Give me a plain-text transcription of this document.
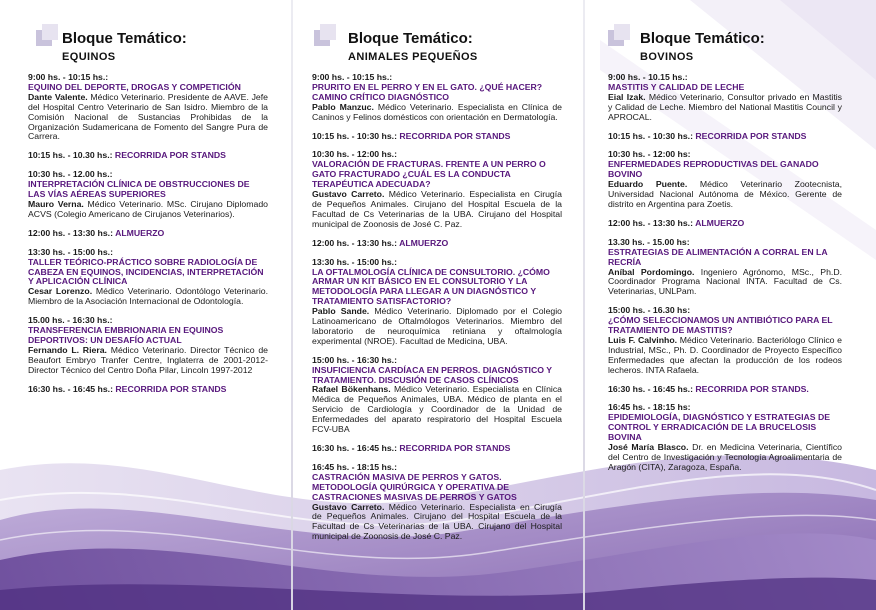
Bloque Temático:
EQUINOS
9:00 hs. - 10:15 hs.:
EQUINO DEL DEPORTE, DROGAS Y COMPETICIÓN
Dante Valente. Médico Veterinario. Presidente de AAVE. Jefe del Hospital Centro Veterinario de San Isidro. Miembro de la Comisión Nacional de Sustancias Prohibidas de la Organización Sudamericana de Fomento del Sangre Pura de Carrera.
10:15 hs. - 10.30 hs.: RECORRIDA POR STANDS
10:30 hs. - 12.00 hs.:
INTERPRETACIÓN CLÍNICA DE OBSTRUCCIONES DE LAS VÍAS AÉREAS SUPERIORES
Mauro Verna. Médico Veterinario. MSc. Cirujano Diplomado ACVS (Colegio Americano de Cirujanos Veterinarios).
12:00 hs. - 13:30 hs.: ALMUERZO
13:30 hs. - 15:00 hs.:
TALLER TEÓRICO-PRÁCTICO SOBRE RADIOLOGÍA DE CABEZA EN EQUINOS, INCIDENCIAS, INTERPRETACIÓN Y APLICACIÓN CLÍNICA
Cesar Lorenzo. Médico Veterinario. Odontólogo Veterinario. Miembro de la Asociación Internacional de Odontología.
15.00 hs. - 16:30 hs.:
TRANSFERENCIA EMBRIONARIA EN EQUINOS DEPORTIVOS: UN DESAFÍO ACTUAL
Fernando L. Riera. Médico Veterinario. Director Técnico de Beaufort Embryo Tranfer Centre, Inglaterra de 2001-2012- Director Técnico del Centro Doña Pilar, Lincoln 1997-2012
16:30 hs. - 16:45 hs.: RECORRIDA POR STANDS
Bloque Temático:
ANIMALES PEQUEÑOS
9:00 hs. - 10:15 hs.:
PRURITO EN EL PERRO Y EN EL GATO. ¿QUÉ HACER? CAMINO CRÍTICO DIAGNÓSTICO
Pablo Manzuc. Médico Veterinario. Especialista en Clínica de Caninos y Felinos domésticos con orientación en Dermatología.
10:15 hs. - 10:30 hs.: RECORRIDA POR STANDS
10:30 hs. - 12:00 hs.:
VALORACIÓN DE FRACTURAS. FRENTE A UN PERRO O GATO FRACTURADO ¿CUÁL ES LA CONDUCTA TERAPÉUTICA ADECUADA?
Gustavo Carreto. Médico Veterinario. Especialista en Cirugía de Pequeños Animales. Cirujano del Hospital Escuela de la Facultad de Cs Veterinarias de la UBA. Cirujano del Hospital municipal de Zoonosis de José C. Paz.
12:00 hs. - 13:30 hs.: ALMUERZO
13:30 hs. - 15:00 hs.:
LA OFTALMOLOGÍA CLÍNICA DE CONSULTORIO. ¿CÓMO ARMAR UN KIT BÁSICO EN EL CONSULTORIO Y LA METODOLOGÍA PARA LLEGAR A UN DIAGNÓSTICO Y TRATAMIENTO SATISFACTORIO?
Pablo Sande. Médico Veterinario. Diplomado por el Colegio Latinoamericano de Oftalmólogos Veterinarios. Miembro del laboratorio de neuroquímica retiniana y oftalmología experimental (NROE). Facultad de Medicina, UBA.
15:00 hs. - 16:30 hs.:
INSUFICIENCIA CARDÍACA EN PERROS. DIAGNÓSTICO Y TRATAMIENTO. DISCUSIÓN DE CASOS CLÍNICOS
Rafael Bökenhans. Médico Veterinario. Especialista en Clínica Médica de Pequeños Animales, UBA. Médico de planta en el Servicio de Cardiología y Coordinador de la Unidad de Enfermedades del aparato respiratorio del Hospital Escuela FCV-UBA
16:30 hs. - 16:45 hs.: RECORRIDA POR STANDS
16:45 hs. - 18:15 hs.:
CASTRACIÓN MASIVA DE PERROS Y GATOS. METODOLOGÍA QUIRÚRGICA Y OPERATIVA DE CASTRACIONES MASIVAS DE PERROS Y GATOS
Gustavo Carreto. Médico Veterinario. Especialista en Cirugía de Pequeños Animales. Cirujano del Hospital Escuela de la Facultad de Cs Veterinarias de la UBA. Cirujano del Hospital municipal de Zoonosis de José C. Paz.
Bloque Temático:
BOVINOS
9:00 hs. - 10.15 hs.:
MASTITIS Y CALIDAD DE LECHE
Eial Izak. Médico Veterinario, Consultor privado en Mastitis y Calidad de Leche. Miembro del National Mastitis Council y APROCAL.
10:15 hs. - 10:30 hs.: RECORRIDA POR STANDS
10:30 hs. - 12:00 hs:
ENFERMEDADES REPRODUCTIVAS DEL GANADO BOVINO
Eduardo Puente. Médico Veterinario Zootecnista, Universidad Nacional Autónoma de México. Gerente de distrito en Argentina para Zoetis.
12:00 hs. - 13:30 hs.: ALMUERZO
13.30 hs. - 15.00 hs:
ESTRATEGIAS DE ALIMENTACIÓN A CORRAL EN LA RECRÍA
Aníbal Pordomingo. Ingeniero Agrónomo, MSc., Ph.D. Coordinador Programa Nacional INTA. Facultad de Cs. Veterinarias, UNLPam.
15:00 hs. - 16.30 hs:
¿CÓMO SELECCIONAMOS UN ANTIBIÓTICO PARA EL TRATAMIENTO DE MASTITIS?
Luis F. Calvinho. Médico Veterinario. Bacteriólogo Clínico e Industrial, MSc., Ph. D. Coordinador de Proyecto Específico Enfermedades que afectan la producción de los rodeos lecheros. INTA Rafaela.
16:30 hs. - 16:45 hs.: RECORRIDA POR STANDS.
16:45 hs. - 18:15 hs:
EPIDEMIOLOGÍA, DIAGNÓSTICO Y ESTRATEGIAS DE CONTROL Y ERRADICACIÓN DE LA BRUCELOSIS BOVINA
José María Blasco. Dr. en Medicina Veterinaria, Científico del Centro de Investigación y Tecnología Agroalimentaria de Aragón (CITA), Zaragoza, España.
